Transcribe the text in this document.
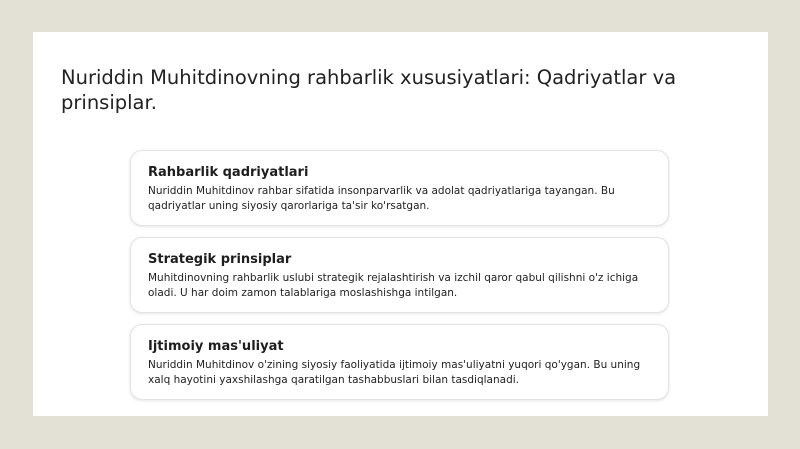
Nuriddin Muhitdinovning rahbarlik xususiyatlari: Qadriyatlar va prinsiplar.

Rahbarlik qadriyatlari

Nuriddin Muhitdinov rahbar sifatida insonparvarlik va adolat qadriyatlariga tayangan. Bu qadriyatlar uning siyosiy qarorlariga ta'sir ko'rsatgan.

Strategik prinsiplar

Muhitdinovning rahbarlik uslubi strategik rejalashtirish va izchil qaror qabul qilishni o'z ichiga oladi. U har doim zamon talablariga moslashishga intilgan.

Ijtimoiy mas'uliyat

Nuriddin Muhitdinov o'zining siyosiy faoliyatida ijtimoiy mas'uliyatni yuqori qo'ygan. Bu uning xalq hayotini yaxshilashga qaratilgan tashabbuslari bilan tasdiqlanadi.
